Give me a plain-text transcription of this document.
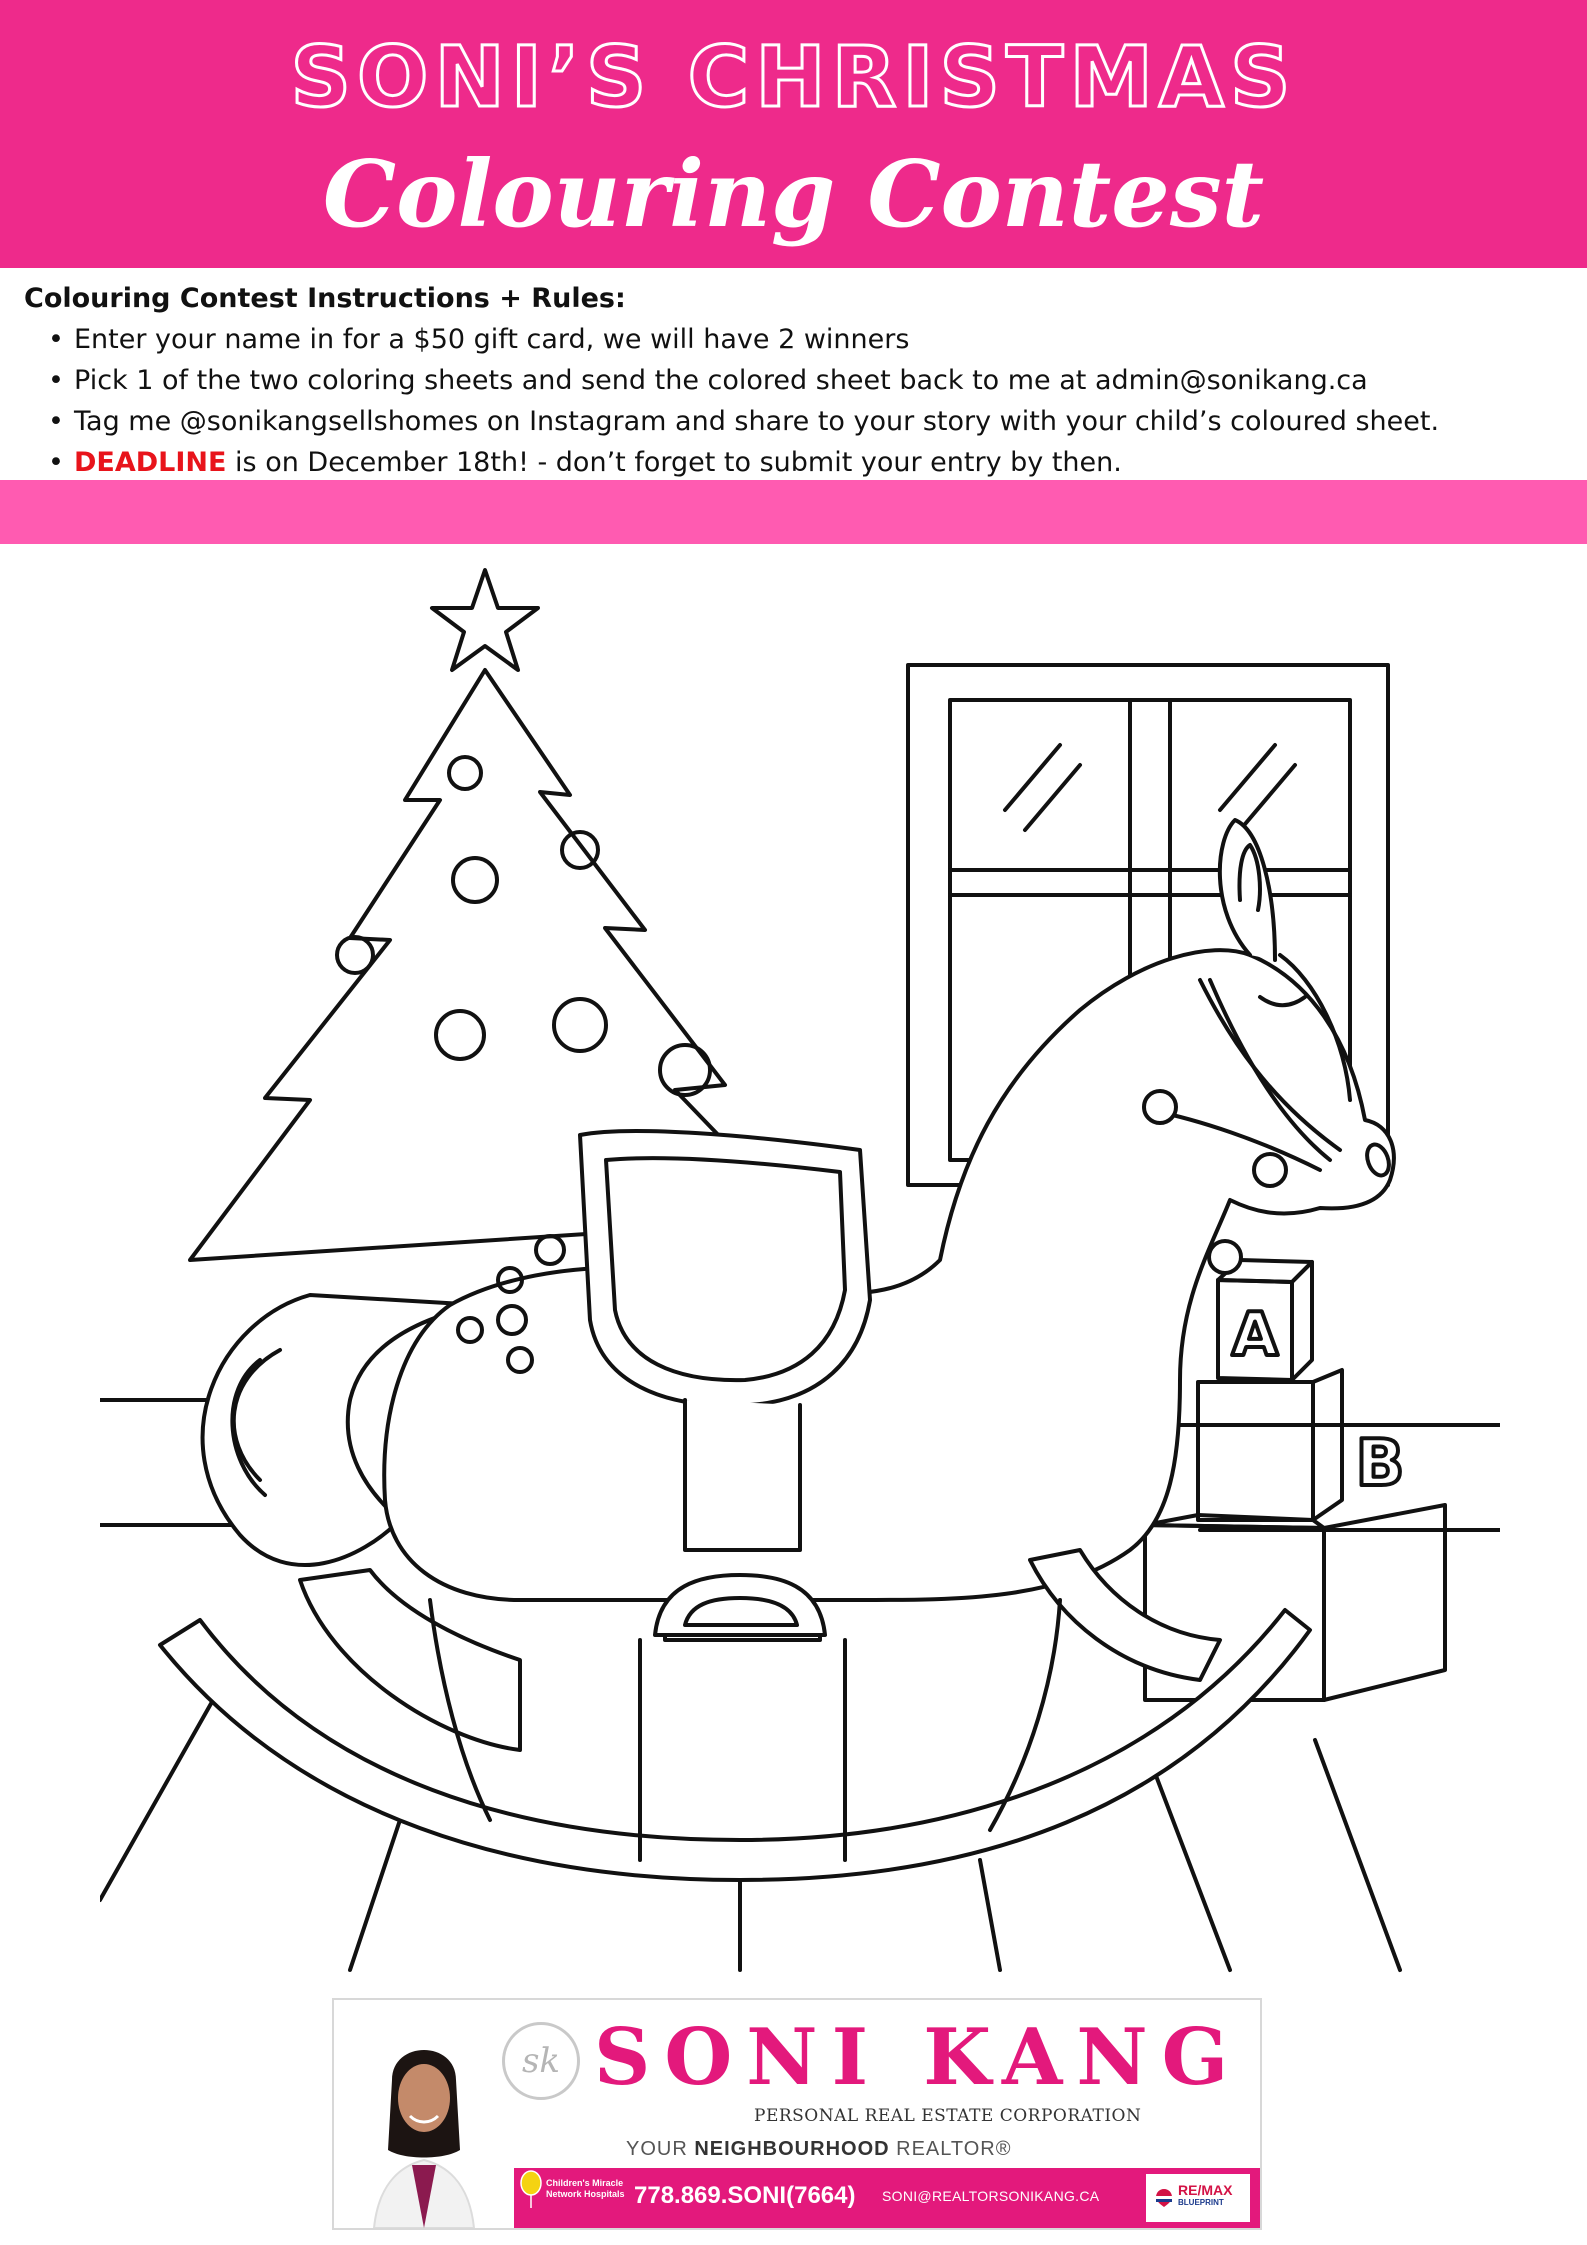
SONI’S CHRISTMAS
Colouring Contest
Colouring Contest Instructions + Rules:
• Enter your name in for a $50 gift card, we will have 2 winners
• Pick 1 of the two coloring sheets and send the colored sheet back to me at admin@sonikang.ca
• Tag me @sonikangsellshomes on Instagram and share to your story with your child’s coloured sheet.
• DEADLINE is on December 18th! - don’t forget to submit your entry by then.
A
B
sk SONI KANG
PERSONAL REAL ESTATE CORPORATION
YOUR NEIGHBOURHOOD REALTOR®
Children's Miracle Network Hospitals 778.869.SONI(7664) SONI@REALTORSONIKANG.CA	RE/MAX
BLUEPRINT
